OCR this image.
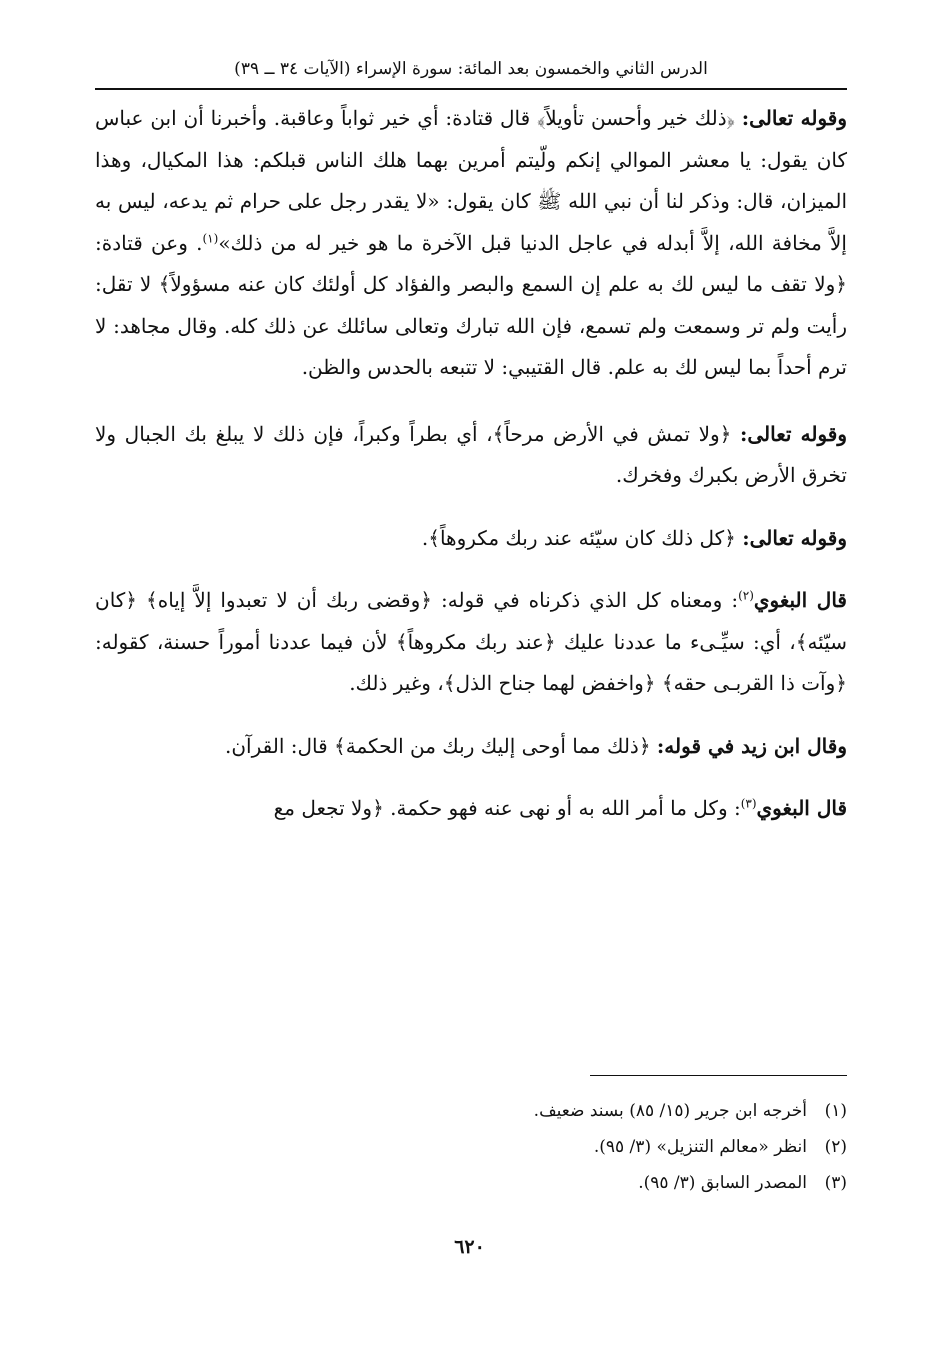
الدرس الثاني والخمسون بعد المائة: سورة الإسراء (الآيات ٣٤ ــ ٣٩)

وقوله تعالى: ﴿ذلك خير وأحسن تأويلاً﴾ قال قتادة: أي خير ثواباً وعاقبة. وأخبرنا أن ابن عباس كان يقول: يا معشر الموالي إنكم ولّيتم أمرين بهما هلك الناس قبلكم: هذا المكيال، وهذا الميزان، قال: وذكر لنا أن نبي الله ﷺ كان يقول: «لا يقدر رجل على حرام ثم يدعه، ليس به إلاَّ مخافة الله، إلاَّ أبدله في عاجل الدنيا قبل الآخرة ما هو خير له من ذلك»$^{(١)}$. وعن قتادة: ﴿ولا تقف ما ليس لك به علم إن السمع والبصر والفؤاد كل أولئك كان عنه مسؤولاً﴾ لا تقل: رأيت ولم تر وسمعت ولم تسمع، فإن الله تبارك وتعالى سائلك عن ذلك كله. وقال مجاهد: لا ترم أحداً بما ليس لك به علم. قال القتيبي: لا تتبعه بالحدس والظن.

وقوله تعالى: ﴿ولا تمش في الأرض مرحاً﴾، أي بطراً وكبراً، فإن ذلك لا يبلغ بك الجبال ولا تخرق الأرض بكبرك وفخرك.

وقوله تعالى: ﴿كل ذلك كان سيّئه عند ربك مكروهاً﴾.

قال البغوي$^{(٢)}$: ومعناه كل الذي ذكرناه في قوله: ﴿وقضى ربك أن لا تعبدوا إلاَّ إياه﴾ ﴿كان سيّئه﴾، أي: سيِّـىء ما عددنا عليك ﴿عند ربك مكروهاً﴾ لأن فيما عددنا أموراً حسنة، كقوله: ﴿وآت ذا القربـى حقه﴾ ﴿واخفض لهما جناح الذل﴾، وغير ذلك.

وقال ابن زيد في قوله: ﴿ذلك مما أوحى إليك ربك من الحكمة﴾ قال: القرآن.

قال البغوي$^{(٣)}$: وكل ما أمر الله به أو نهى عنه فهو حكمة. ﴿ولا تجعل مع

(١)أخرجه ابن جرير (١٥/ ٨٥) بسند ضعيف.
(٢)انظر «معالم التنزيل» (٣/ ٩٥).
(٣)المصدر السابق (٣/ ٩٥).
٦٢٠
